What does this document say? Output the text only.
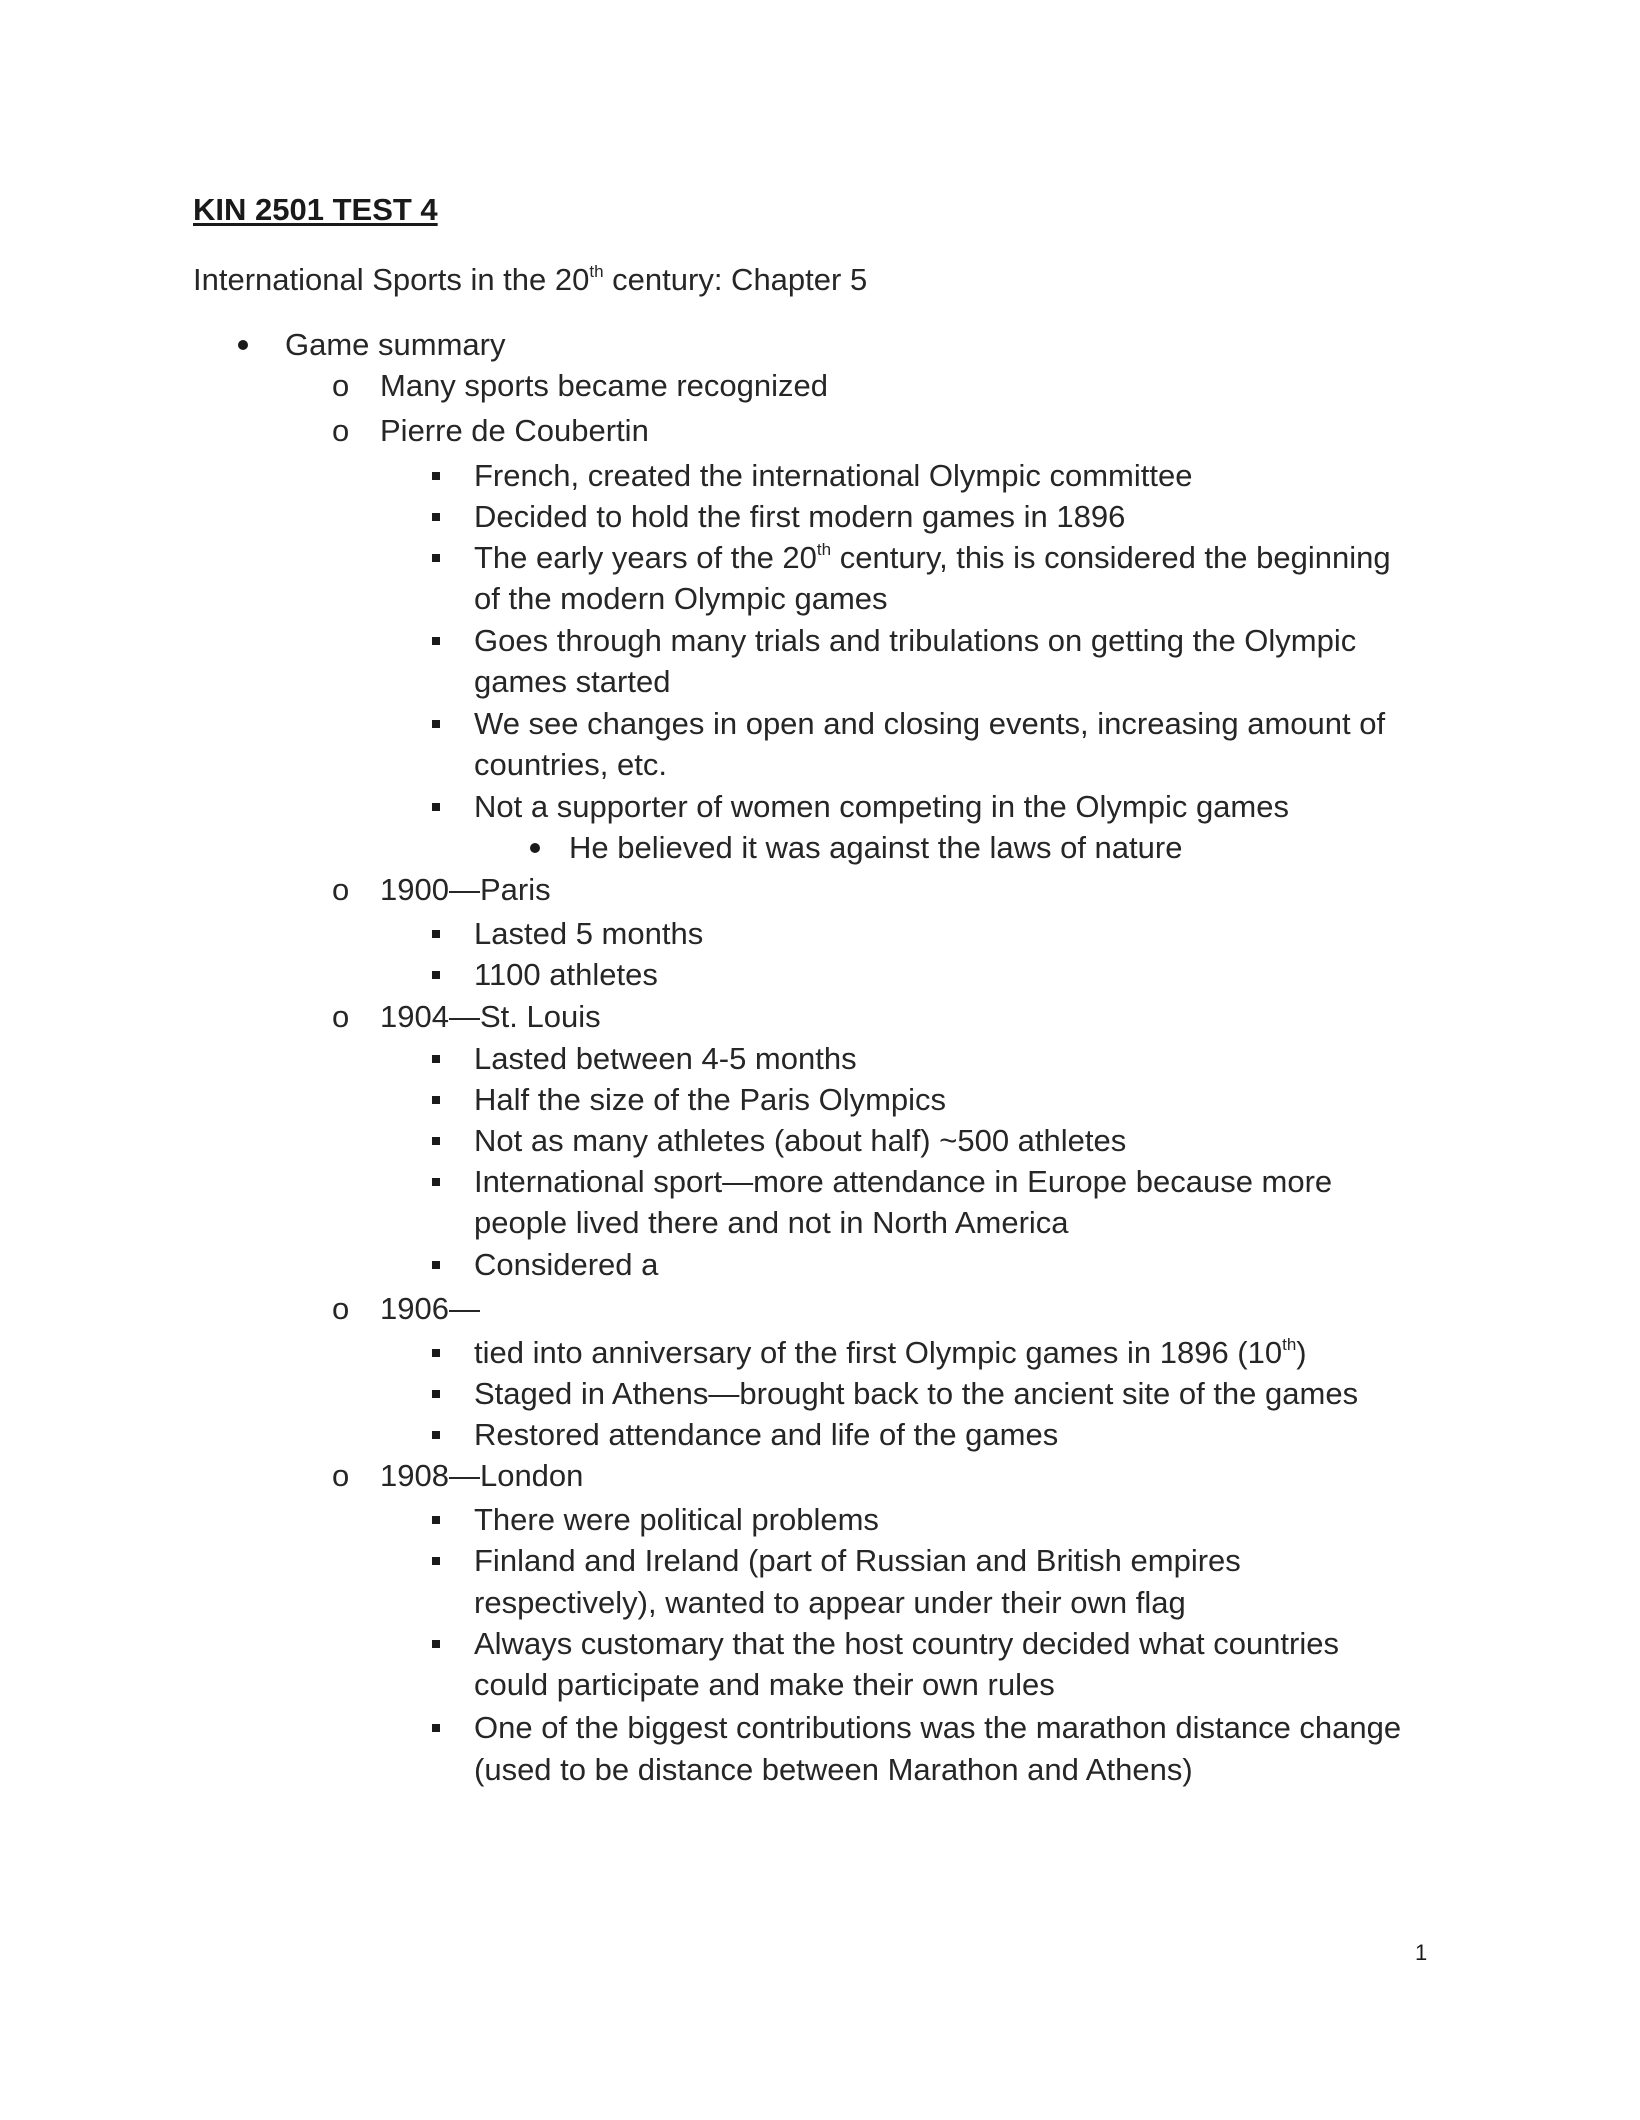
KIN 2501 TEST 4
International Sports in the 20th century: Chapter 5
Game summary
o Many sports became recognized
o Pierre de Coubertin
French, created the international Olympic committee
Decided to hold the first modern games in 1896
The early years of the 20th century, this is considered the beginning
of the modern Olympic games
Goes through many trials and tribulations on getting the Olympic
games started
We see changes in open and closing events, increasing amount of
countries, etc.
Not a supporter of women competing in the Olympic games
He believed it was against the laws of nature
o 1900—Paris
Lasted 5 months
1100 athletes
o 1904—St. Louis
Lasted between 4-5 months
Half the size of the Paris Olympics
Not as many athletes (about half) ~500 athletes
International sport—more attendance in Europe because more
people lived there and not in North America
Considered a
o 1906—
tied into anniversary of the first Olympic games in 1896 (10th)
Staged in Athens—brought back to the ancient site of the games
Restored attendance and life of the games
o 1908—London
There were political problems
Finland and Ireland (part of Russian and British empires
respectively), wanted to appear under their own flag
Always customary that the host country decided what countries
could participate and make their own rules
One of the biggest contributions was the marathon distance change
(used to be distance between Marathon and Athens)
1
